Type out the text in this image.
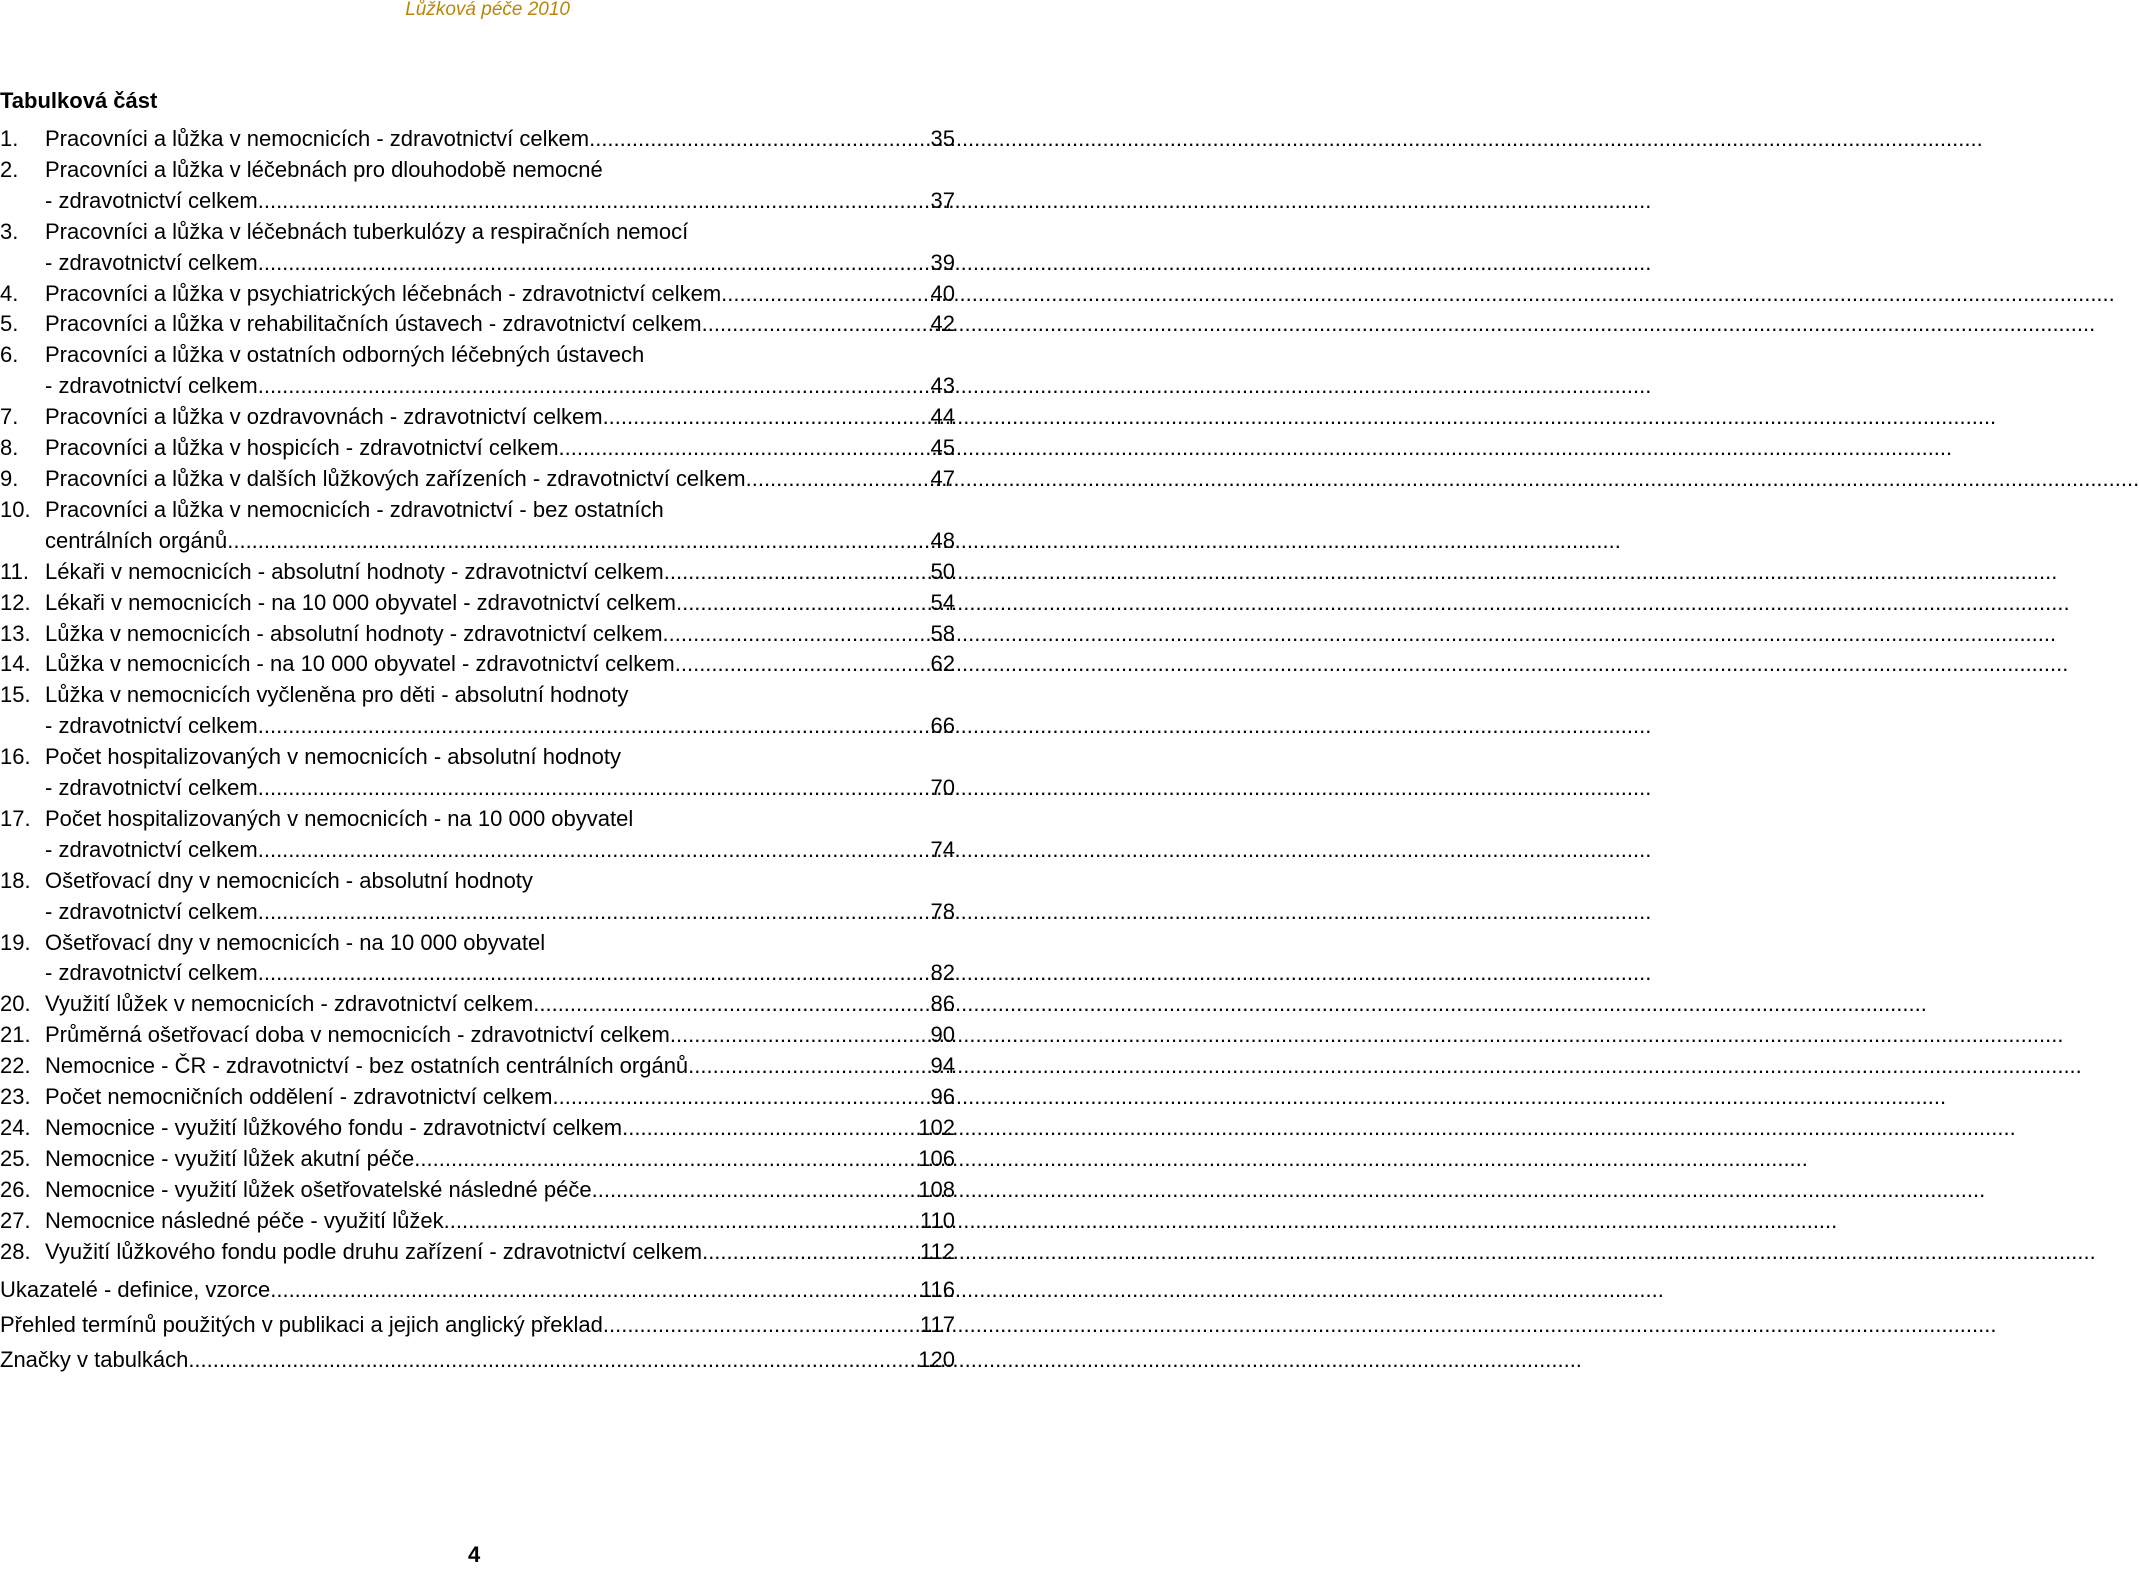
Lůžková péče 2010
Tabulková část
1.	Pracovníci a lůžka v nemocnicích - zdravotnictví celkem .....	35
2.	Pracovníci a lůžka v léčebnách pro dlouhodobě nemocné
- zdravotnictví celkem .....	37
3.	Pracovníci a lůžka v léčebnách tuberkulózy a respiračních nemocí
- zdravotnictví celkem .....	39
4.	Pracovníci a lůžka v psychiatrických léčebnách - zdravotnictví celkem .....	40
5.	Pracovníci a lůžka v rehabilitačních ústavech - zdravotnictví celkem .....	42
6.	Pracovníci a lůžka v ostatních odborných léčebných ústavech
- zdravotnictví celkem .....	43
7.	Pracovníci a lůžka v ozdravovnách - zdravotnictví celkem .....	44
8.	Pracovníci a lůžka v hospicích - zdravotnictví celkem .....	45
9.	Pracovníci a lůžka v dalších lůžkových zařízeních - zdravotnictví celkem .....	47
10. Pracovníci a lůžka v nemocnicích - zdravotnictví - bez ostatních
centrálních orgánů .....	48
11. Lékaři v nemocnicích - absolutní hodnoty - zdravotnictví celkem .....	50
12. Lékaři v nemocnicích - na 10 000 obyvatel - zdravotnictví celkem .....	54
13. Lůžka v nemocnicích - absolutní hodnoty - zdravotnictví celkem .....	58
14. Lůžka v nemocnicích - na 10 000 obyvatel - zdravotnictví celkem .....	62
15. Lůžka v nemocnicích vyčleněna pro děti - absolutní hodnoty
- zdravotnictví celkem .....	66
16. Počet hospitalizovaných v nemocnicích - absolutní hodnoty
- zdravotnictví celkem .....	70
17. Počet hospitalizovaných v nemocnicích - na 10 000 obyvatel
- zdravotnictví celkem .....	74
18. Ošetřovací dny v nemocnicích - absolutní hodnoty
- zdravotnictví celkem .....	78
19. Ošetřovací dny v nemocnicích - na 10 000 obyvatel
- zdravotnictví celkem .....	82
20. Využití lůžek v nemocnicích - zdravotnictví celkem .....	86
21. Průměrná ošetřovací doba v nemocnicích - zdravotnictví celkem .....	90
22. Nemocnice - ČR - zdravotnictví - bez ostatních centrálních orgánů .....	94
23. Počet nemocničních oddělení - zdravotnictví celkem .....	96
24. Nemocnice - využití lůžkového fondu - zdravotnictví celkem .....	102
25. Nemocnice - využití lůžek akutní péče .....	106
26. Nemocnice - využití lůžek ošetřovatelské následné péče .....	108
27. Nemocnice následné péče - využití lůžek .....	110
28. Využití lůžkového fondu podle druhu zařízení - zdravotnictví celkem .....	112
Ukazatelé - definice, vzorce .....	116
Přehled termínů použitých v publikaci a jejich anglický překlad .....	117
Značky v tabulkách .....	120
4
